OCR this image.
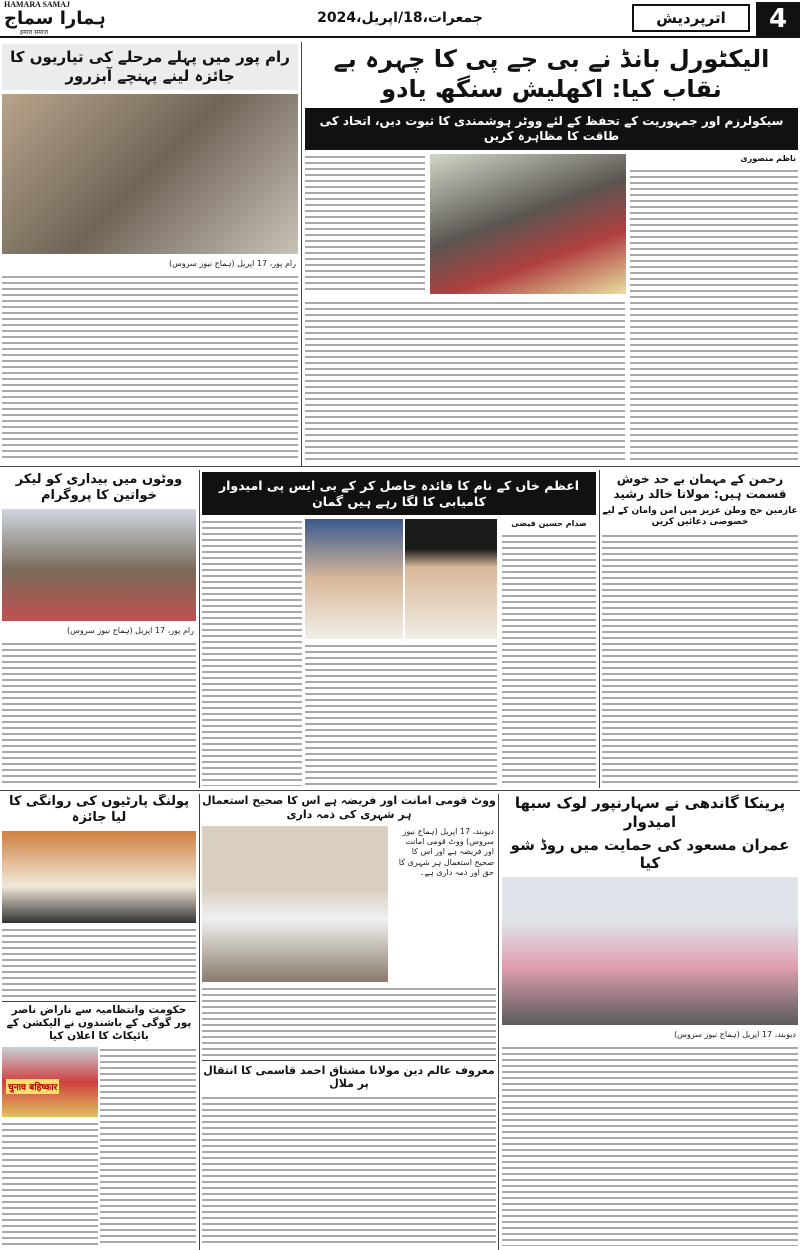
HAMARA SAMAJ
ہمارا سماج
हमारा समाज
جمعرات،18/اپریل،2024	اترپردیش	4
رام پور میں پہلے مرحلے کی تیاریوں کا جائزہ لینے پہنچے آبزرور
رام پور، 17 اپریل (ہماج نیوز سروس)
الیکٹورل بانڈ نے بی جے پی کا چہرہ بے نقاب کیا: اکھلیش سنگھ یادو
سیکولرزم اور جمہوریت کے تحفظ کے لئے ووٹر ہوشمندی کا ثبوت دیں، اتحاد کی طاقت کا مظاہرہ کریں
ناظم منصوری
رحمن کے مہمان بے حد خوش قسمت ہیں: مولانا خالد رشید
عازمین حج وطن عزیز میں امن وامان کے لیے خصوصی دعائیں کریں
اعظم خاں کے نام کا فائدہ حاصل کر کے بی ایس پی امیدوار کامیابی کا لگا رہے ہیں گمان
صدام حسین فیضی
ووٹوں میں بیداری کو لیکر خواتین کا پروگرام
رام پور، 17 اپریل (ہماج نیوز سروس)
پرینکا گاندھی نے سہارنپور لوک سبھا امیدوار
عمران مسعود کی حمایت میں روڈ شو کیا
دیوبند، 17 اپریل (ہماج نیوز سروس)
ووٹ قومی امانت اور فریضہ ہے اس کا صحیح استعمال ہر شہری کی ذمہ داری
دیوبند، 17 اپریل (ہماج نیوز سروس) ووٹ قومی امانت اور فریضہ ہے اور اس کا صحیح استعمال ہر شہری کا حق اور ذمہ داری ہے۔
معروف عالم دین مولانا مشتاق احمد قاسمی کا انتقال پر ملال
پولنگ پارٹیوں کی روانگی کا لیا جائزہ
حکومت وانتظامیہ سے ناراض ناصر پور گوگی کے باشندوں نے الیکشن کے بائیکاٹ کا اعلان کیا
चुनाव बहिष्कार
